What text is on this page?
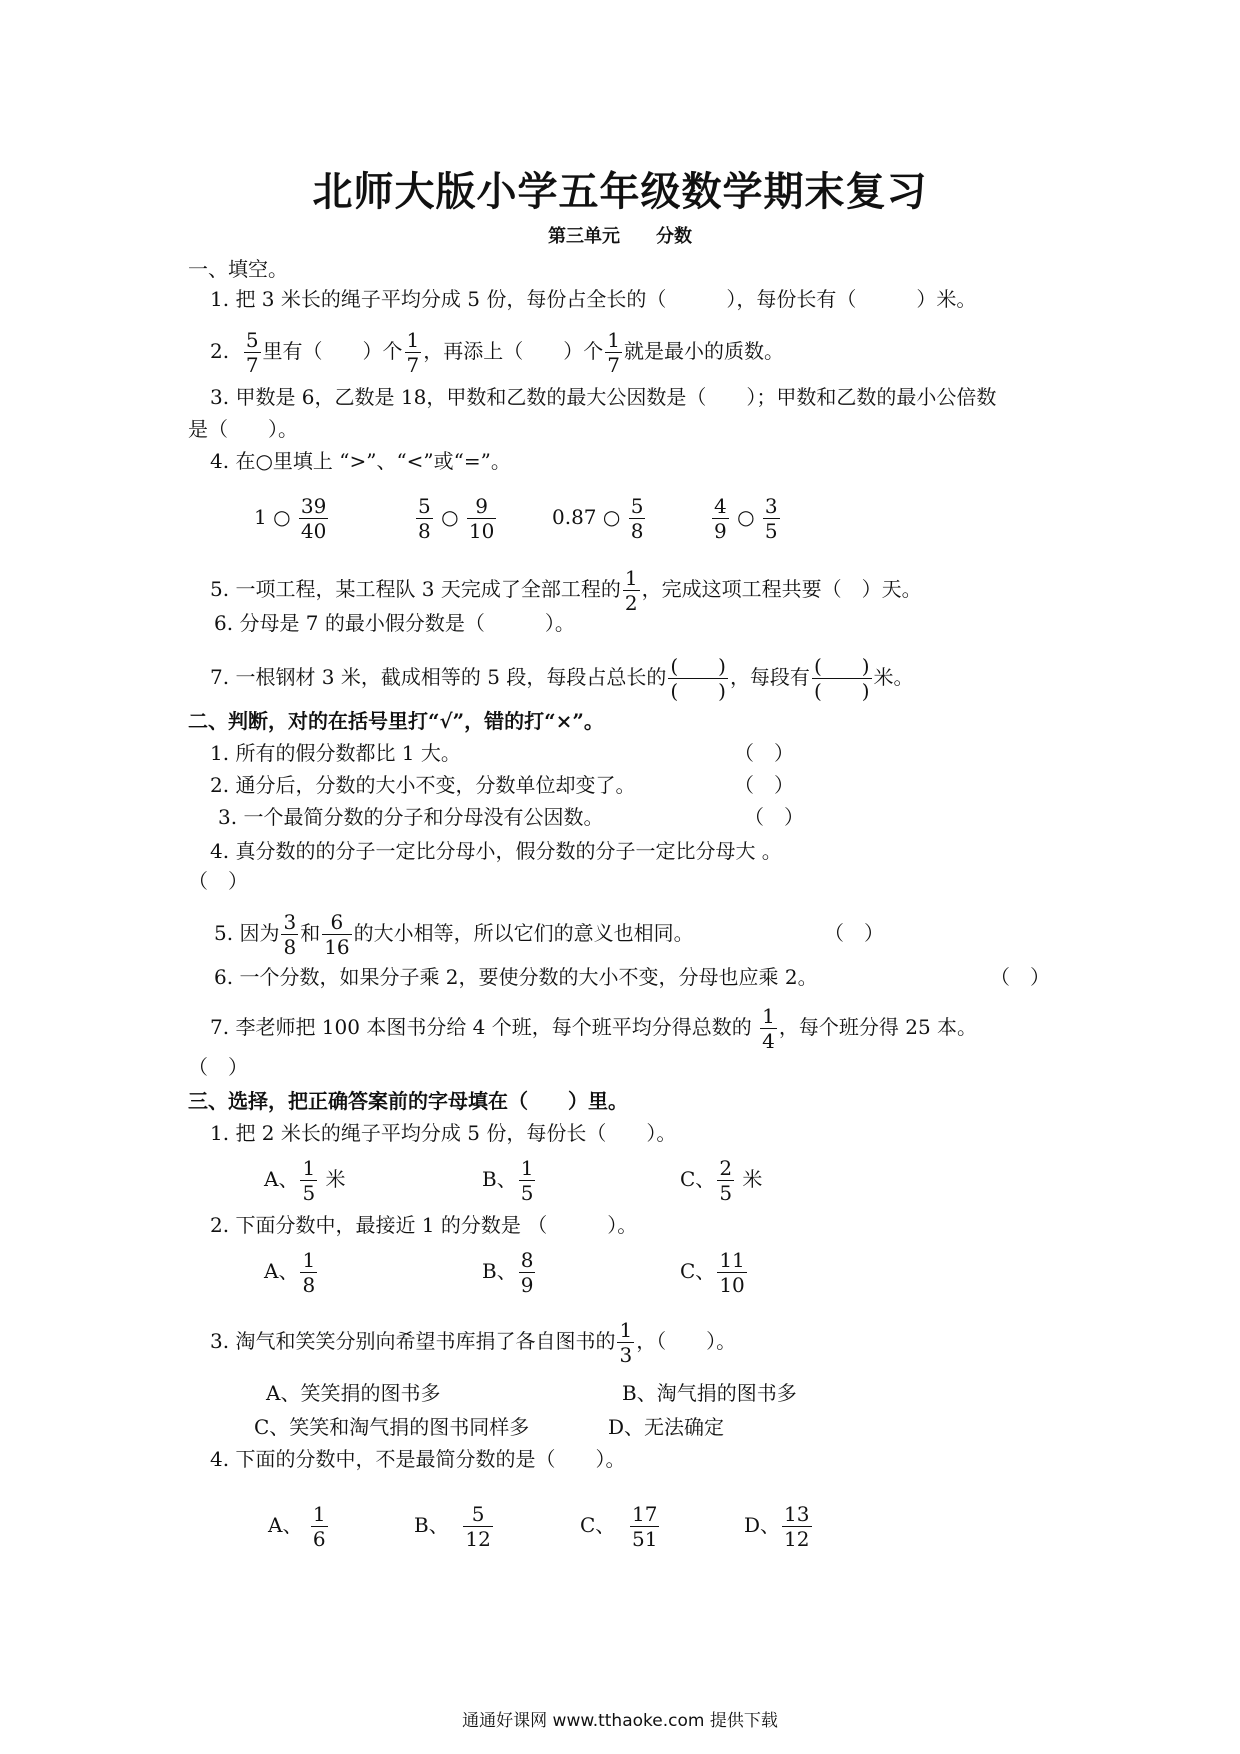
北师大版小学五年级数学期末复习
第三单元　　分数
一、填空。
1. 把 3 米长的绳子平均分成 5 份，每份占全长的（　　　），每份长有（　　　）米。
2. $\frac{5}{7}$ 里有（　　）个 $\frac{1}{7}$ ，再添上（　　）个 $\frac{1}{7}$ 就是最小的质数。
3. 甲数是 6，乙数是 18，甲数和乙数的最大公因数是（　　）；甲数和乙数的最小公倍数
是（　　）。
4. 在○里填上 “>”、“<”或“=”。
1 ○ $\frac{39}{40}$	$\frac{5}{8}$ ○ $\frac{9}{10}$	0.87 ○ $\frac{5}{8}$	$\frac{4}{9}$ ○ $\frac{3}{5}$
5. 一项工程，某工程队 3 天完成了全部工程的 $\frac{1}{2}$ ，完成这项工程共要（　）天。
6. 分母是 7 的最小假分数是（　　　）。
7. 一根钢材 3 米，截成相等的 5 段，每段占总长的 (　　)
(　　)
，每段有 (　　)
(　　)
米。
二、判断，对的在括号里打“√”，错的打“×”。
1. 所有的假分数都比 1 大。	（　）
2. 通分后，分数的大小不变，分数单位却变了。	（　）
3. 一个最简分数的分子和分母没有公因数。	（　）
4. 真分数的的分子一定比分母小，假分数的分子一定比分母大 。
（　）
5. 因为 $\frac{3}{8}$ 和 $\frac{6}{16}$ 的大小相等，所以它们的意义也相同。	（　）
6. 一个分数，如果分子乘 2，要使分数的大小不变，分母也应乘 2。	（　）
7. 李老师把 100 本图书分给 4 个班，每个班平均分得总数的 $\frac{1}{4}$ ，每个班分得 25 本。
（　）
三、选择，把正确答案前的字母填在（　　）里。
1. 把 2 米长的绳子平均分成 5 份，每份长（　　）。
A、 $\frac{1}{5}$ 米	B、 $\frac{1}{5}$	C、 $\frac{2}{5}$ 米
2. 下面分数中，最接近 1 的分数是 （　　　）。
A、 $\frac{1}{8}$	B、 $\frac{8}{9}$	C、 $\frac{11}{10}$
3. 淘气和笑笑分别向希望书库捐了各自图书的 $\frac{1}{3}$ ，（　　）。
A、笑笑捐的图书多	B、淘气捐的图书多
C、笑笑和淘气捐的图书同样多	D、无法确定
4. 下面的分数中，不是最简分数的是（　　）。
A、 $\frac{1}{6}$	B、 $\frac{5}{12}$	C、 $\frac{17}{51}$	D、 $\frac{13}{12}$
通通好课网 www.tthaoke.com 提供下载
